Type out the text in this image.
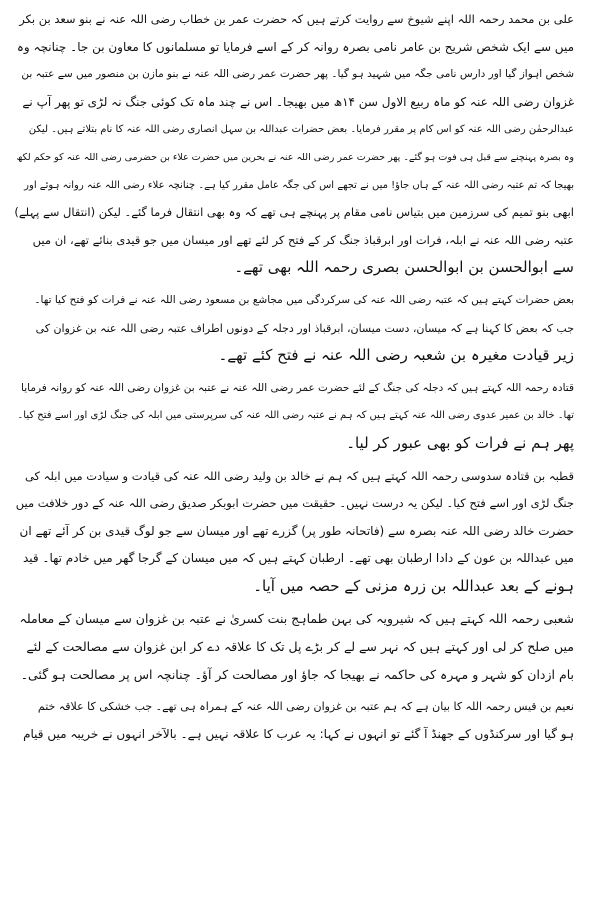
علی بن محمد رحمہ اللہ اپنے شیوخ سے روایت کرتے ہیں کہ حضرت عمر بن خطاب رضی اللہ عنہ نے بنو سعد بن بکر
میں سے ایک شخص شریح بن عامر نامی بصرہ روانہ کر کے اسے فرمایا تو مسلمانوں کا معاون بن جا۔ چنانچہ وہ
شخص اہواز گیا اور دارس نامی جگہ میں شہید ہو گیا۔ پھر حضرت عمر رضی اللہ عنہ نے بنو مازن بن منصور میں سے عتبہ بن
غزوان رضی اللہ عنہ کو ماہ ربیع الاول سن ۱۴ھ میں بھیجا۔ اس نے چند ماہ تک کوئی جنگ نہ لڑی تو پھر آپ نے
عبدالرحمٰن رضی اللہ عنہ کو اس کام پر مقرر فرمایا۔ بعض حضرات عبداللہ بن سہل انصاری رضی اللہ عنہ کا نام بتلاتے ہیں۔ لیکن
وہ بصرہ پہنچنے سے قبل ہی فوت ہو گئے۔ پھر حضرت عمر رضی اللہ عنہ نے بحرین میں حضرت علاء بن حضرمی رضی اللہ عنہ کو حکم لکھ
بھیجا کہ تم عتبہ رضی اللہ عنہ کے ہاں جاؤ! میں نے تجھے اس کی جگہ عامل مقرر کیا ہے۔ چنانچہ علاء رضی اللہ عنہ روانہ ہوئے اور
ابھی بنو تمیم کی سرزمین میں بتیاس نامی مقام پر پہنچے ہی تھے کہ وہ بھی انتقال فرما گئے۔ لیکن (انتقال سے پہلے)
عتبہ رضی اللہ عنہ نے ابلہ، فرات اور ابرقباذ جنگ کر کے فتح کر لئے تھے اور میسان میں جو قیدی بنائے تھے، ان میں
سے ابوالحسن بن ابوالحسن بصری رحمہ اللہ بھی تھے۔
بعض حضرات کہتے ہیں کہ عتبہ رضی اللہ عنہ کی سرکردگی میں مجاشع بن مسعود رضی اللہ عنہ نے فرات کو فتح کیا تھا۔
جب کہ بعض کا کہنا ہے کہ میسان، دست میسان، ابرقباذ اور دجلہ کے دونوں اطراف عتبہ رضی اللہ عنہ بن غزوان کی
زیر قیادت مغیرہ بن شعبہ رضی اللہ عنہ نے فتح کئے تھے۔
قتادہ رحمہ اللہ کہتے ہیں کہ دجلہ کی جنگ کے لئے حضرت عمر رضی اللہ عنہ نے عتبہ بن غزوان رضی اللہ عنہ کو روانہ فرمایا
تھا۔ خالد بن عمیر عدوی رضی اللہ عنہ کہتے ہیں کہ ہم نے عتبہ رضی اللہ عنہ کی سرپرستی میں ابلہ کی جنگ لڑی اور اسے فتح کیا۔
پھر ہم نے فرات کو بھی عبور کر لیا۔
قطبہ بن قتادہ سدوسی رحمہ اللہ کہتے ہیں کہ ہم نے خالد بن ولید رضی اللہ عنہ کی قیادت و سیادت میں ابلہ کی
جنگ لڑی اور اسے فتح کیا۔ لیکن یہ درست نہیں۔ حقیقت میں حضرت ابوبکر صدیق رضی اللہ عنہ کے دور خلافت میں
حضرت خالد رضی اللہ عنہ بصرہ سے (فاتحانہ طور پر) گزرے تھے اور میسان سے جو لوگ قیدی بن کر آئے تھے ان
میں عبداللہ بن عون کے دادا ارطبان بھی تھے۔ ارطبان کہتے ہیں کہ میں میسان کے گرجا گھر میں خادم تھا۔ قید
ہونے کے بعد عبداللہ بن زرہ مزنی کے حصہ میں آیا۔
شعبی رحمہ اللہ کہتے ہیں کہ شیرویہ کی بہن طماہج بنت کسریٰ نے عتبہ بن غزوان سے میسان کے معاملہ
میں صلح کر لی اور کہتے ہیں کہ نہر سے لے کر بڑے پل تک کا علاقہ دے کر ابن غزوان سے مصالحت کے لئے
بام ازدان کو شہر و مہرہ کی حاکمہ نے بھیجا کہ جاؤ اور مصالحت کر آؤ۔ چنانچہ اس پر مصالحت ہو گئی۔
نعیم بن قیس رحمہ اللہ کا بیان ہے کہ ہم عتبہ بن غزوان رضی اللہ عنہ کے ہمراہ ہی تھے۔ جب خشکی کا علاقہ ختم
ہو گیا اور سرکنڈوں کے جھنڈ آ گئے تو انہوں نے کہا: یہ عرب کا علاقہ نہیں ہے۔ بالآخر انہوں نے خریبہ میں قیام
